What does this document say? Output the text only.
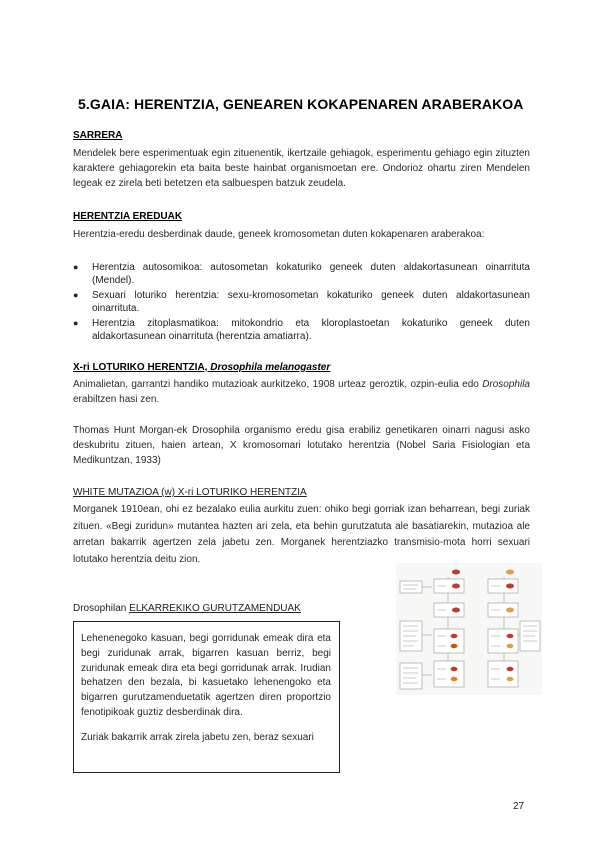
5.GAIA: HERENTZIA, GENEAREN KOKAPENAREN ARABERAKOA
SARRERA
Mendelek bere esperimentuak egin zituenentik, ikertzaile gehiagok, esperimentu gehiago egin zituzten karaktere gehiagorekin eta baita beste hainbat organismoetan ere. Ondorioz ohartu ziren Mendelen legeak ez zirela beti betetzen eta salbuespen batzuk zeudela.
HERENTZIA EREDUAK
Herentzia-eredu desberdinak daude, geneek kromosometan duten kokapenaren araberakoa:
●	Herentzia autosomikoa: autosometan kokaturiko geneek duten aldakortasunean oinarrituta (Mendel).
●	Sexuari loturiko herentzia: sexu-kromosometan kokaturiko geneek duten aldakortasunean oinarrituta.
●	Herentzia zitoplasmatikoa: mitokondrio eta kloroplastoetan kokaturiko geneek duten aldakortasunean oinarrituta (herentzia amatiarra).
X-ri LOTURIKO HERENTZIA, Drosophila melanogaster
Animalietan, garrantzi handiko mutazioak aurkitzeko, 1908 urteaz geroztik, ozpin-eulia edo Drosophila erabiltzen hasi zen.
Thomas Hunt Morgan-ek Drosophila organismo eredu gisa erabiliz genetikaren oinarri nagusi asko deskubritu zituen, haien artean, X kromosomari lotutako herentzia (Nobel Saria Fisiologian eta Medikuntzan, 1933)
WHITE MUTAZIOA (w) X-ri LOTURIKO HERENTZIA
Morganek 1910ean, ohi ez bezalako eulia aurkitu zuen: ohiko begi gorriak izan beharrean, begi zuriak zituen. «Begi zuridun» mutantea hazten ari zela, eta behin gurutzatuta ale basatiarekin, mutazioa ale arretan bakarrik agertzen zela jabetu zen. Morganek herentziazko transmisio-mota horri sexuari lotutako herentzia deitu zion.
Drosophilan ELKARREKIKO GURUTZAMENDUAK

Lehenenegoko kasuan, begi gorridunak emeak dira eta begi zuridunak arrak, bigarren kasuan berriz, begi zuridunak emeak dira eta begi gorridunak arrak. Irudian behatzen den bezala, bi kasuetako lehenengoko eta bigarren gurutzamenduetatik agertzen diren proportzio fenotipikoak guztiz desberdinak dira.

Zuriak bakarrik arrak zirela jabetu zen, beraz sexuari

27
